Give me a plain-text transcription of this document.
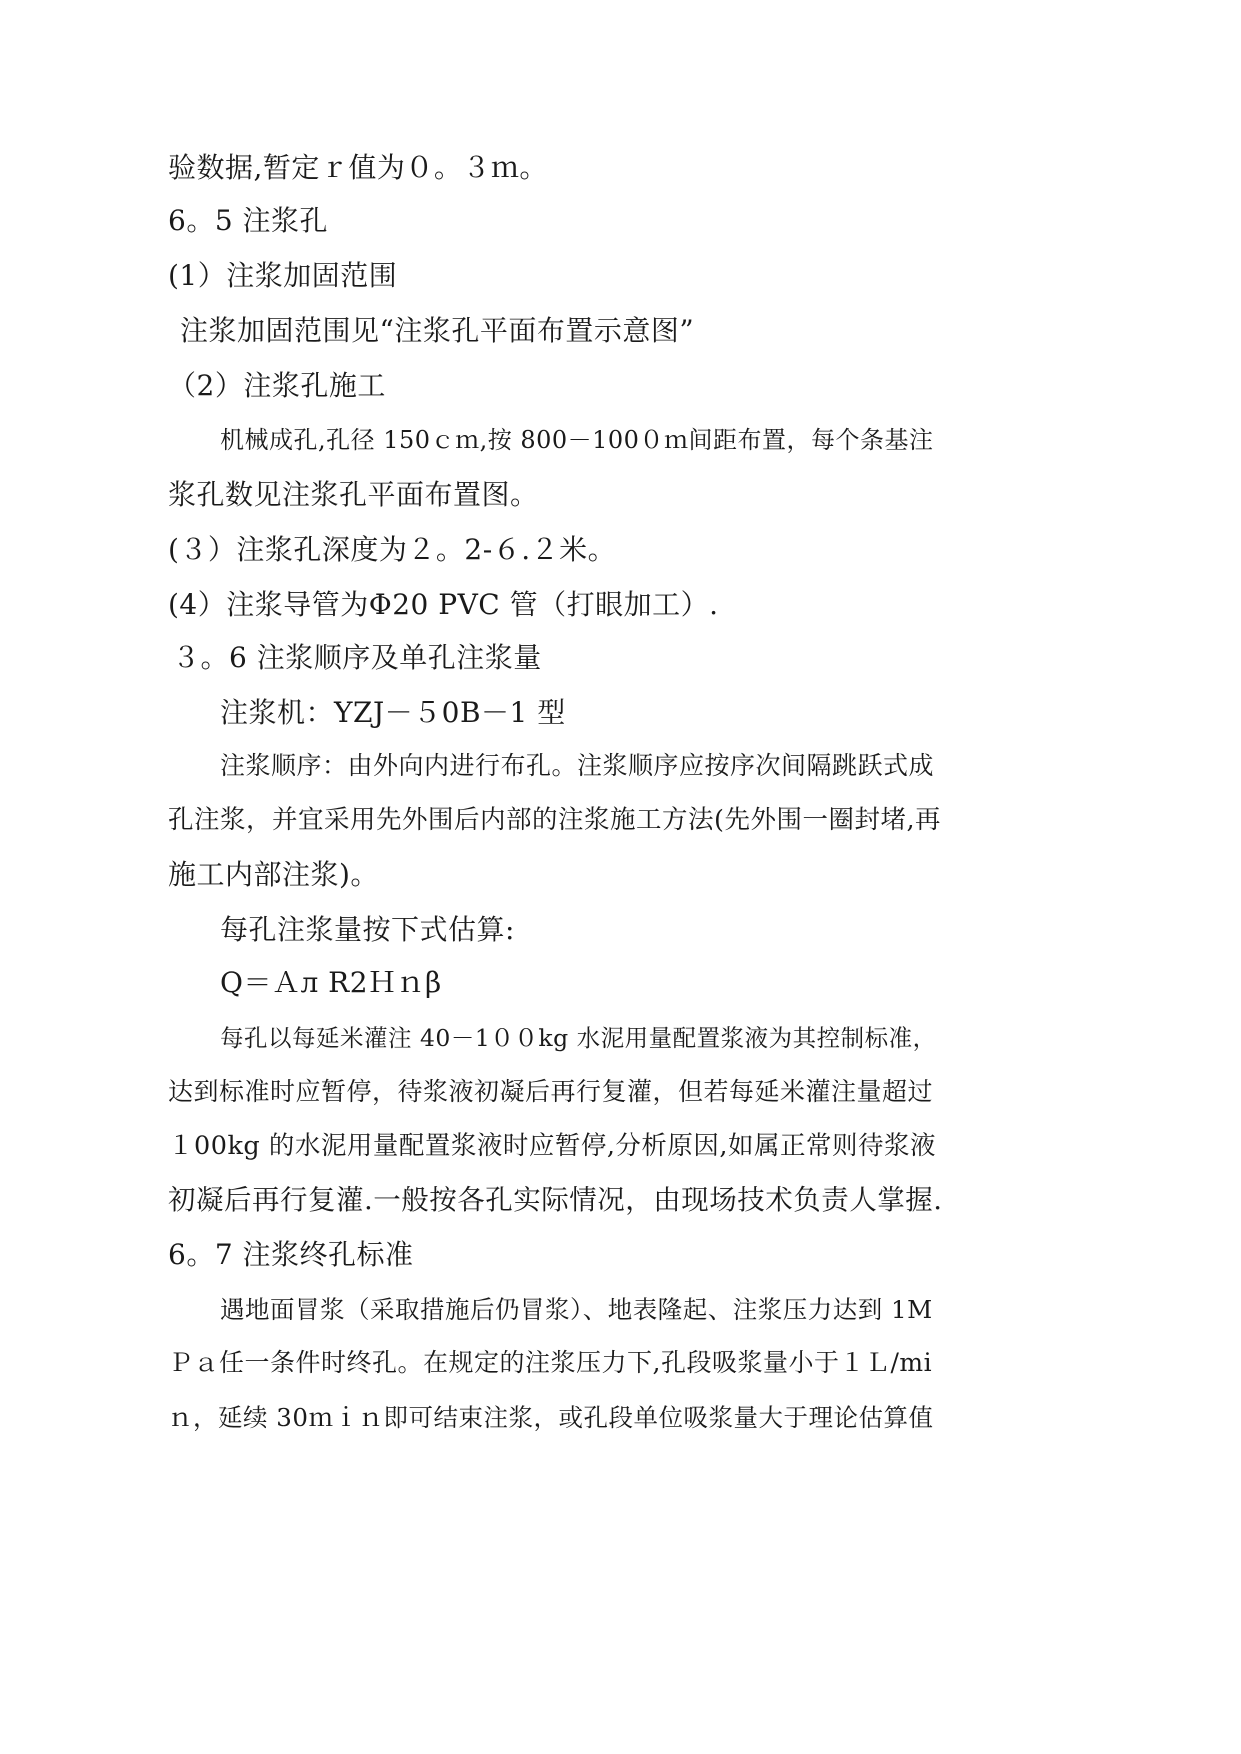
验数据,暂定ｒ值为０。３ｍ。
6。5 注浆孔
(1）注浆加固范围
注浆加固范围见“注浆孔平面布置示意图”
（2）注浆孔施工
机械成孔,孔径 150ｃｍ,按 800－100０ｍ间距布置，每个条基注
浆孔数见注浆孔平面布置图。
(３）注浆孔深度为２。2-６.２米。
(4）注浆导管为Φ20 PVC 管（打眼加工）.
３。6 注浆顺序及单孔注浆量
注浆机：YZJ－５0B－1 型
注浆顺序：由外向内进行布孔。注浆顺序应按序次间隔跳跃式成
孔注浆，并宜采用先外围后内部的注浆施工方法(先外围一圈封堵,再
施工内部注浆)。
每孔注浆量按下式估算:
Q＝Ａл R2Ｈｎβ
每孔以每延米灌注 40－1００kg 水泥用量配置浆液为其控制标准，
达到标准时应暂停，待浆液初凝后再行复灌，但若每延米灌注量超过
１00kg 的水泥用量配置浆液时应暂停,分析原因,如属正常则待浆液
初凝后再行复灌.一般按各孔实际情况，由现场技术负责人掌握.
6。7 注浆终孔标准
遇地面冒浆（采取措施后仍冒浆）、地表隆起、注浆压力达到 1M
Ｐａ任一条件时终孔。在规定的注浆压力下,孔段吸浆量小于１Ｌ/mi
ｎ，延续 30ｍｉｎ即可结束注浆，或孔段单位吸浆量大于理论估算值
